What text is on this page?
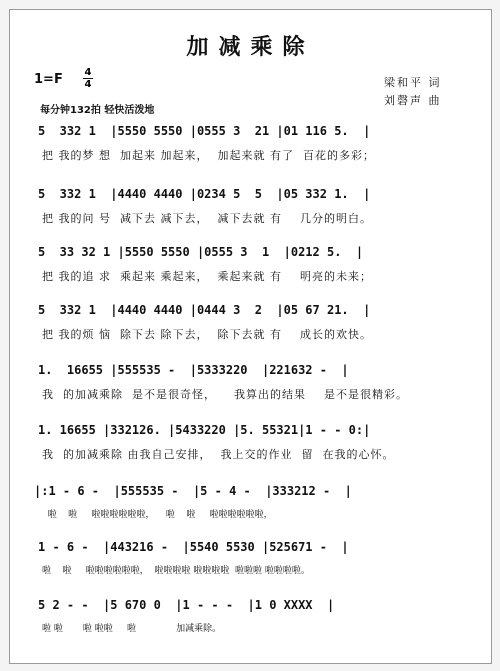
加减乘除
1=F 4
4
每分钟132拍 轻快活泼地
梁和平 词
刘磬声 曲
5  332 1  |5550 5550 |0555 3  21 |01 116 5.  |
把 我的梦 想  加起来 加起来，  加起来就 有了  百花的多彩；
5  332 1  |4440 4440 |0234 5  5  |05 332 1.  |
把 我的问 号  减下去 减下去，  减下去就 有    几分的明白。
5  33 32 1 |5550 5550 |0555 3  1  |0212 5.  |
把 我的追 求  乘起来 乘起来，  乘起来就 有    明亮的未来；
5  332 1  |4440 4440 |0444 3  2  |05 67 21.  |
把 我的烦 恼  除下去 除下去，  除下去就 有    成长的欢快。
1.  16655 |555535 -  |5333220  |221632 -  |
我  的加减乘除  是不是很奇怪，    我算出的结果    是不是很精彩。
1. 16655 |332126. |5433220 |5. 55321|1 - - 0:|
我  的加减乘除 由我自己安排，  我上交的作业  留  在我的心怀。
|:1 - 6 -  |555535 -  |5 - 4 -  |333212 -  |
啦    啦     啦啦啦啦啦啦，    啦    啦     啦啦啦啦啦啦，
1 - 6 -  |443216 -  |5540 5530 |525671 -  |
啦    啦     啦啦啦啦啦啦，  啦啦啦啦 啦啦啦啦  啦啦啦 啦啦啦啦。
5 2 - -  |5 670 0  |1 - - -  |1 0 XXXX  |
啦 啦       啦 啦啦     啦              加减乘除。
